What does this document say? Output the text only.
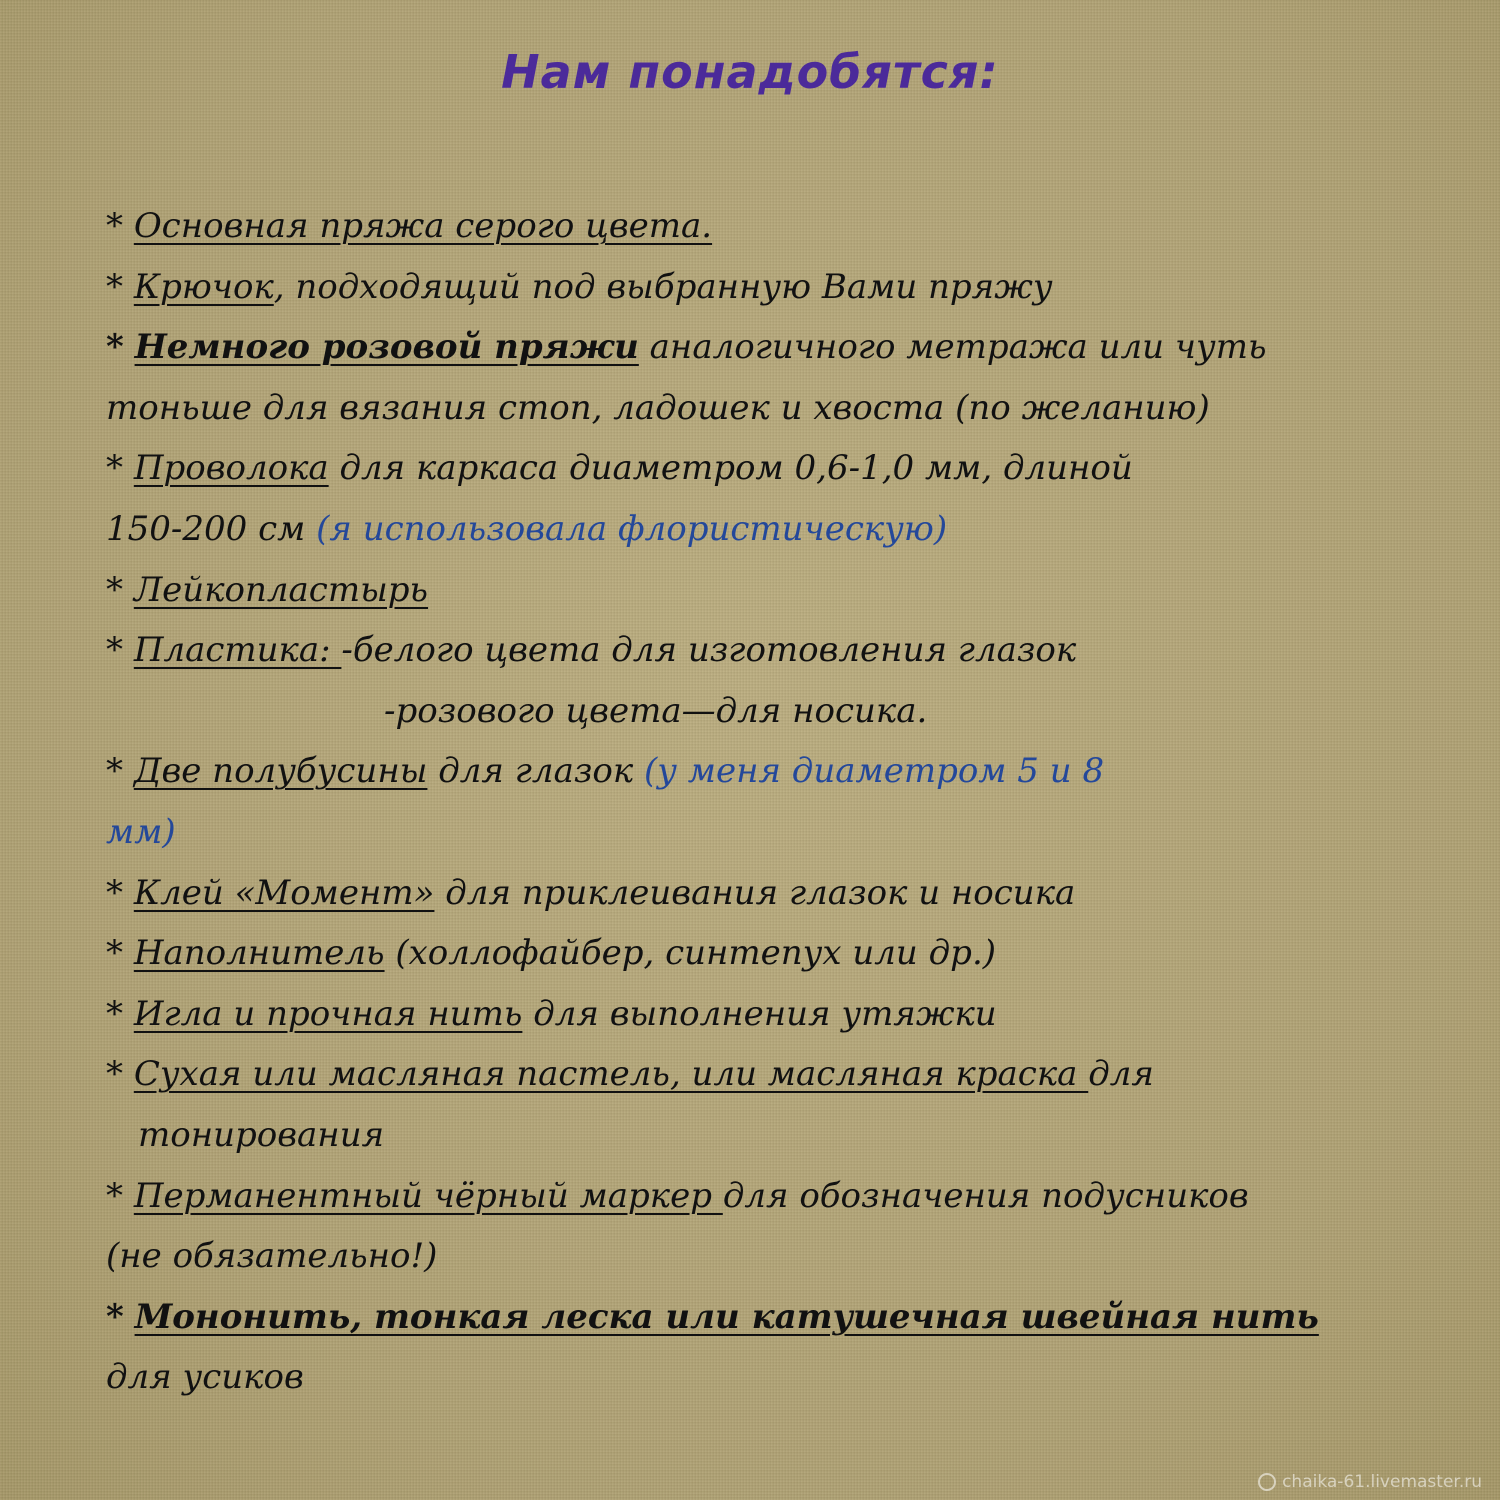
Нам понадобятся:
* Основная пряжа серого цвета.
* Крючок, подходящий под выбранную Вами пряжу
* Немного розовой пряжи аналогичного метража или чуть
тоньше для вязания стоп, ладошек и хвоста (по желанию)
* Проволока для каркаса диаметром 0,6-1,0 мм, длиной
150-200 см (я использовала флористическую)
* Лейкопластырь
* Пластика: -белого цвета для изготовления глазок
-розового цвета—для носика.
* Две полубусины для глазок (у меня диаметром 5 и 8
мм)
* Клей «Момент» для приклеивания глазок и носика
* Наполнитель (холлофайбер, синтепух или др.)
* Игла и прочная нить для выполнения утяжки
* Сухая или масляная пастель, или масляная краска для
тонирования
* Перманентный чёрный маркер для обозначения подусников
(не обязательно!)
* Мононить, тонкая леска или катушечная швейная нить
для усиков
chaika-61.livemaster.ru
